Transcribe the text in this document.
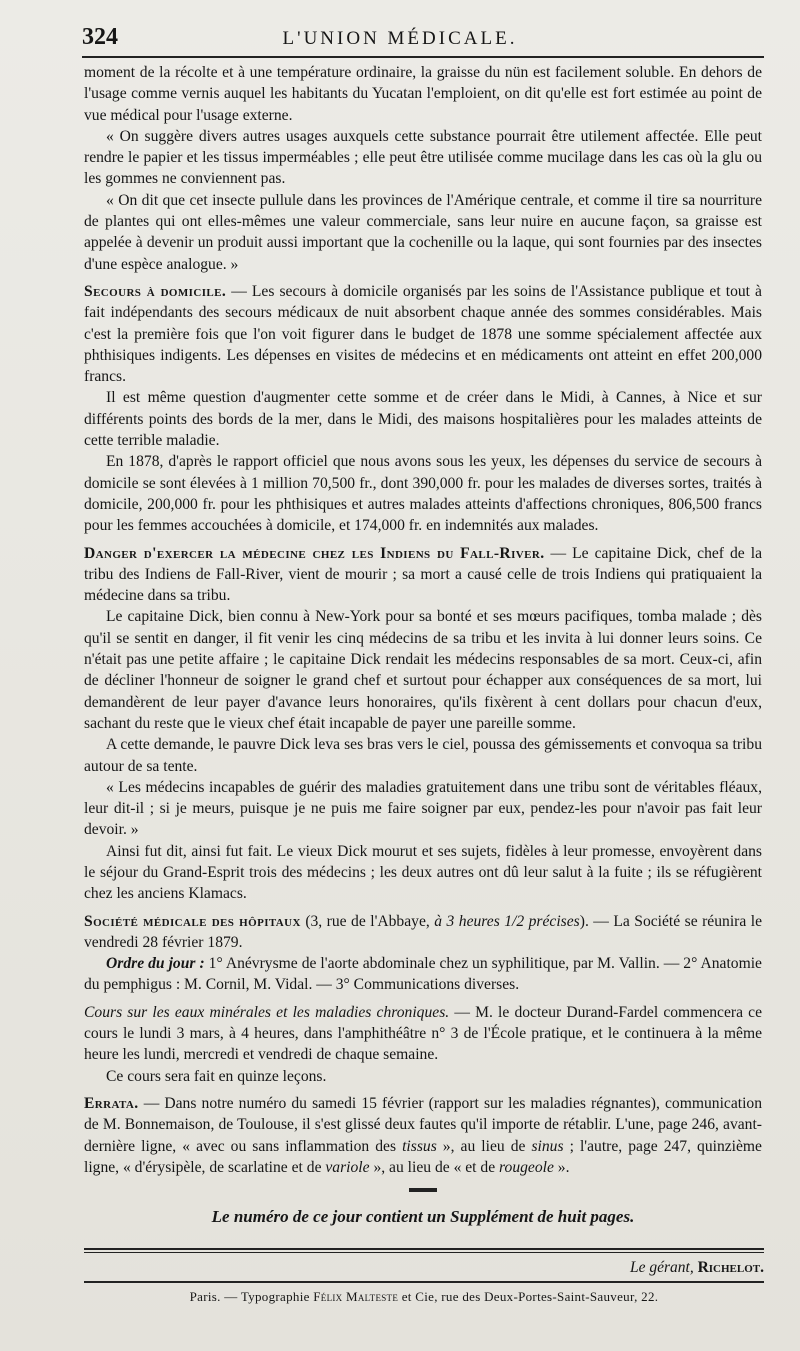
324	L'UNION MÉDICALE.

moment de la récolte et à une température ordinaire, la graisse du nün est facilement soluble. En dehors de l'usage comme vernis auquel les habitants du Yucatan l'emploient, on dit qu'elle est fort estimée au point de vue médical pour l'usage externe.

« On suggère divers autres usages auxquels cette substance pourrait être utilement affectée. Elle peut rendre le papier et les tissus imperméables ; elle peut être utilisée comme mucilage dans les cas où la glu ou les gommes ne conviennent pas.

« On dit que cet insecte pullule dans les provinces de l'Amérique centrale, et comme il tire sa nourriture de plantes qui ont elles-mêmes une valeur commerciale, sans leur nuire en aucune façon, sa graisse est appelée à devenir un produit aussi important que la cochenille ou la laque, qui sont fournies par des insectes d'une espèce analogue. »

Secours à domicile. — Les secours à domicile organisés par les soins de l'Assistance publique et tout à fait indépendants des secours médicaux de nuit absorbent chaque année des sommes considérables. Mais c'est la première fois que l'on voit figurer dans le budget de 1878 une somme spécialement affectée aux phthisiques indigents. Les dépenses en visites de médecins et en médicaments ont atteint en effet 200,000 francs.

Il est même question d'augmenter cette somme et de créer dans le Midi, à Cannes, à Nice et sur différents points des bords de la mer, dans le Midi, des maisons hospitalières pour les malades atteints de cette terrible maladie.

En 1878, d'après le rapport officiel que nous avons sous les yeux, les dépenses du service de secours à domicile se sont élevées à 1 million 70,500 fr., dont 390,000 fr. pour les malades de diverses sortes, traités à domicile, 200,000 fr. pour les phthisiques et autres malades atteints d'affections chroniques, 806,500 francs pour les femmes accouchées à domicile, et 174,000 fr. en indemnités aux malades.

Danger d'exercer la médecine chez les Indiens du Fall-River. — Le capitaine Dick, chef de la tribu des Indiens de Fall-River, vient de mourir ; sa mort a causé celle de trois Indiens qui pratiquaient la médecine dans sa tribu.

Le capitaine Dick, bien connu à New-York pour sa bonté et ses mœurs pacifiques, tomba malade ; dès qu'il se sentit en danger, il fit venir les cinq médecins de sa tribu et les invita à lui donner leurs soins. Ce n'était pas une petite affaire ; le capitaine Dick rendait les médecins responsables de sa mort. Ceux-ci, afin de décliner l'honneur de soigner le grand chef et surtout pour échapper aux conséquences de sa mort, lui demandèrent de leur payer d'avance leurs honoraires, qu'ils fixèrent à cent dollars pour chacun d'eux, sachant du reste que le vieux chef était incapable de payer une pareille somme.

A cette demande, le pauvre Dick leva ses bras vers le ciel, poussa des gémissements et convoqua sa tribu autour de sa tente.

« Les médecins incapables de guérir des maladies gratuitement dans une tribu sont de véritables fléaux, leur dit-il ; si je meurs, puisque je ne puis me faire soigner par eux, pendez-les pour n'avoir pas fait leur devoir. »

Ainsi fut dit, ainsi fut fait. Le vieux Dick mourut et ses sujets, fidèles à leur promesse, envoyèrent dans le séjour du Grand-Esprit trois des médecins ; les deux autres ont dû leur salut à la fuite ; ils se réfugièrent chez les anciens Klamacs.

Société médicale des hôpitaux (3, rue de l'Abbaye, à 3 heures 1/2 précises). — La Société se réunira le vendredi 28 février 1879.

Ordre du jour : 1° Anévrysme de l'aorte abdominale chez un syphilitique, par M. Vallin. — 2° Anatomie du pemphigus : M. Cornil, M. Vidal. — 3° Communications diverses.

Cours sur les eaux minérales et les maladies chroniques. — M. le docteur Durand-Fardel commencera ce cours le lundi 3 mars, à 4 heures, dans l'amphithéâtre n° 3 de l'École pratique, et le continuera à la même heure les lundi, mercredi et vendredi de chaque semaine.

Ce cours sera fait en quinze leçons.

Errata. — Dans notre numéro du samedi 15 février (rapport sur les maladies régnantes), communication de M. Bonnemaison, de Toulouse, il s'est glissé deux fautes qu'il importe de rétablir. L'une, page 246, avant-dernière ligne, « avec ou sans inflammation des tissus », au lieu de sinus ; l'autre, page 247, quinzième ligne, « d'érysipèle, de scarlatine et de variole », au lieu de « et de rougeole ».

Le numéro de ce jour contient un Supplément de huit pages.
Le gérant, Richelot.
Paris. — Typographie Félix Malteste et Cie, rue des Deux-Portes-Saint-Sauveur, 22.
